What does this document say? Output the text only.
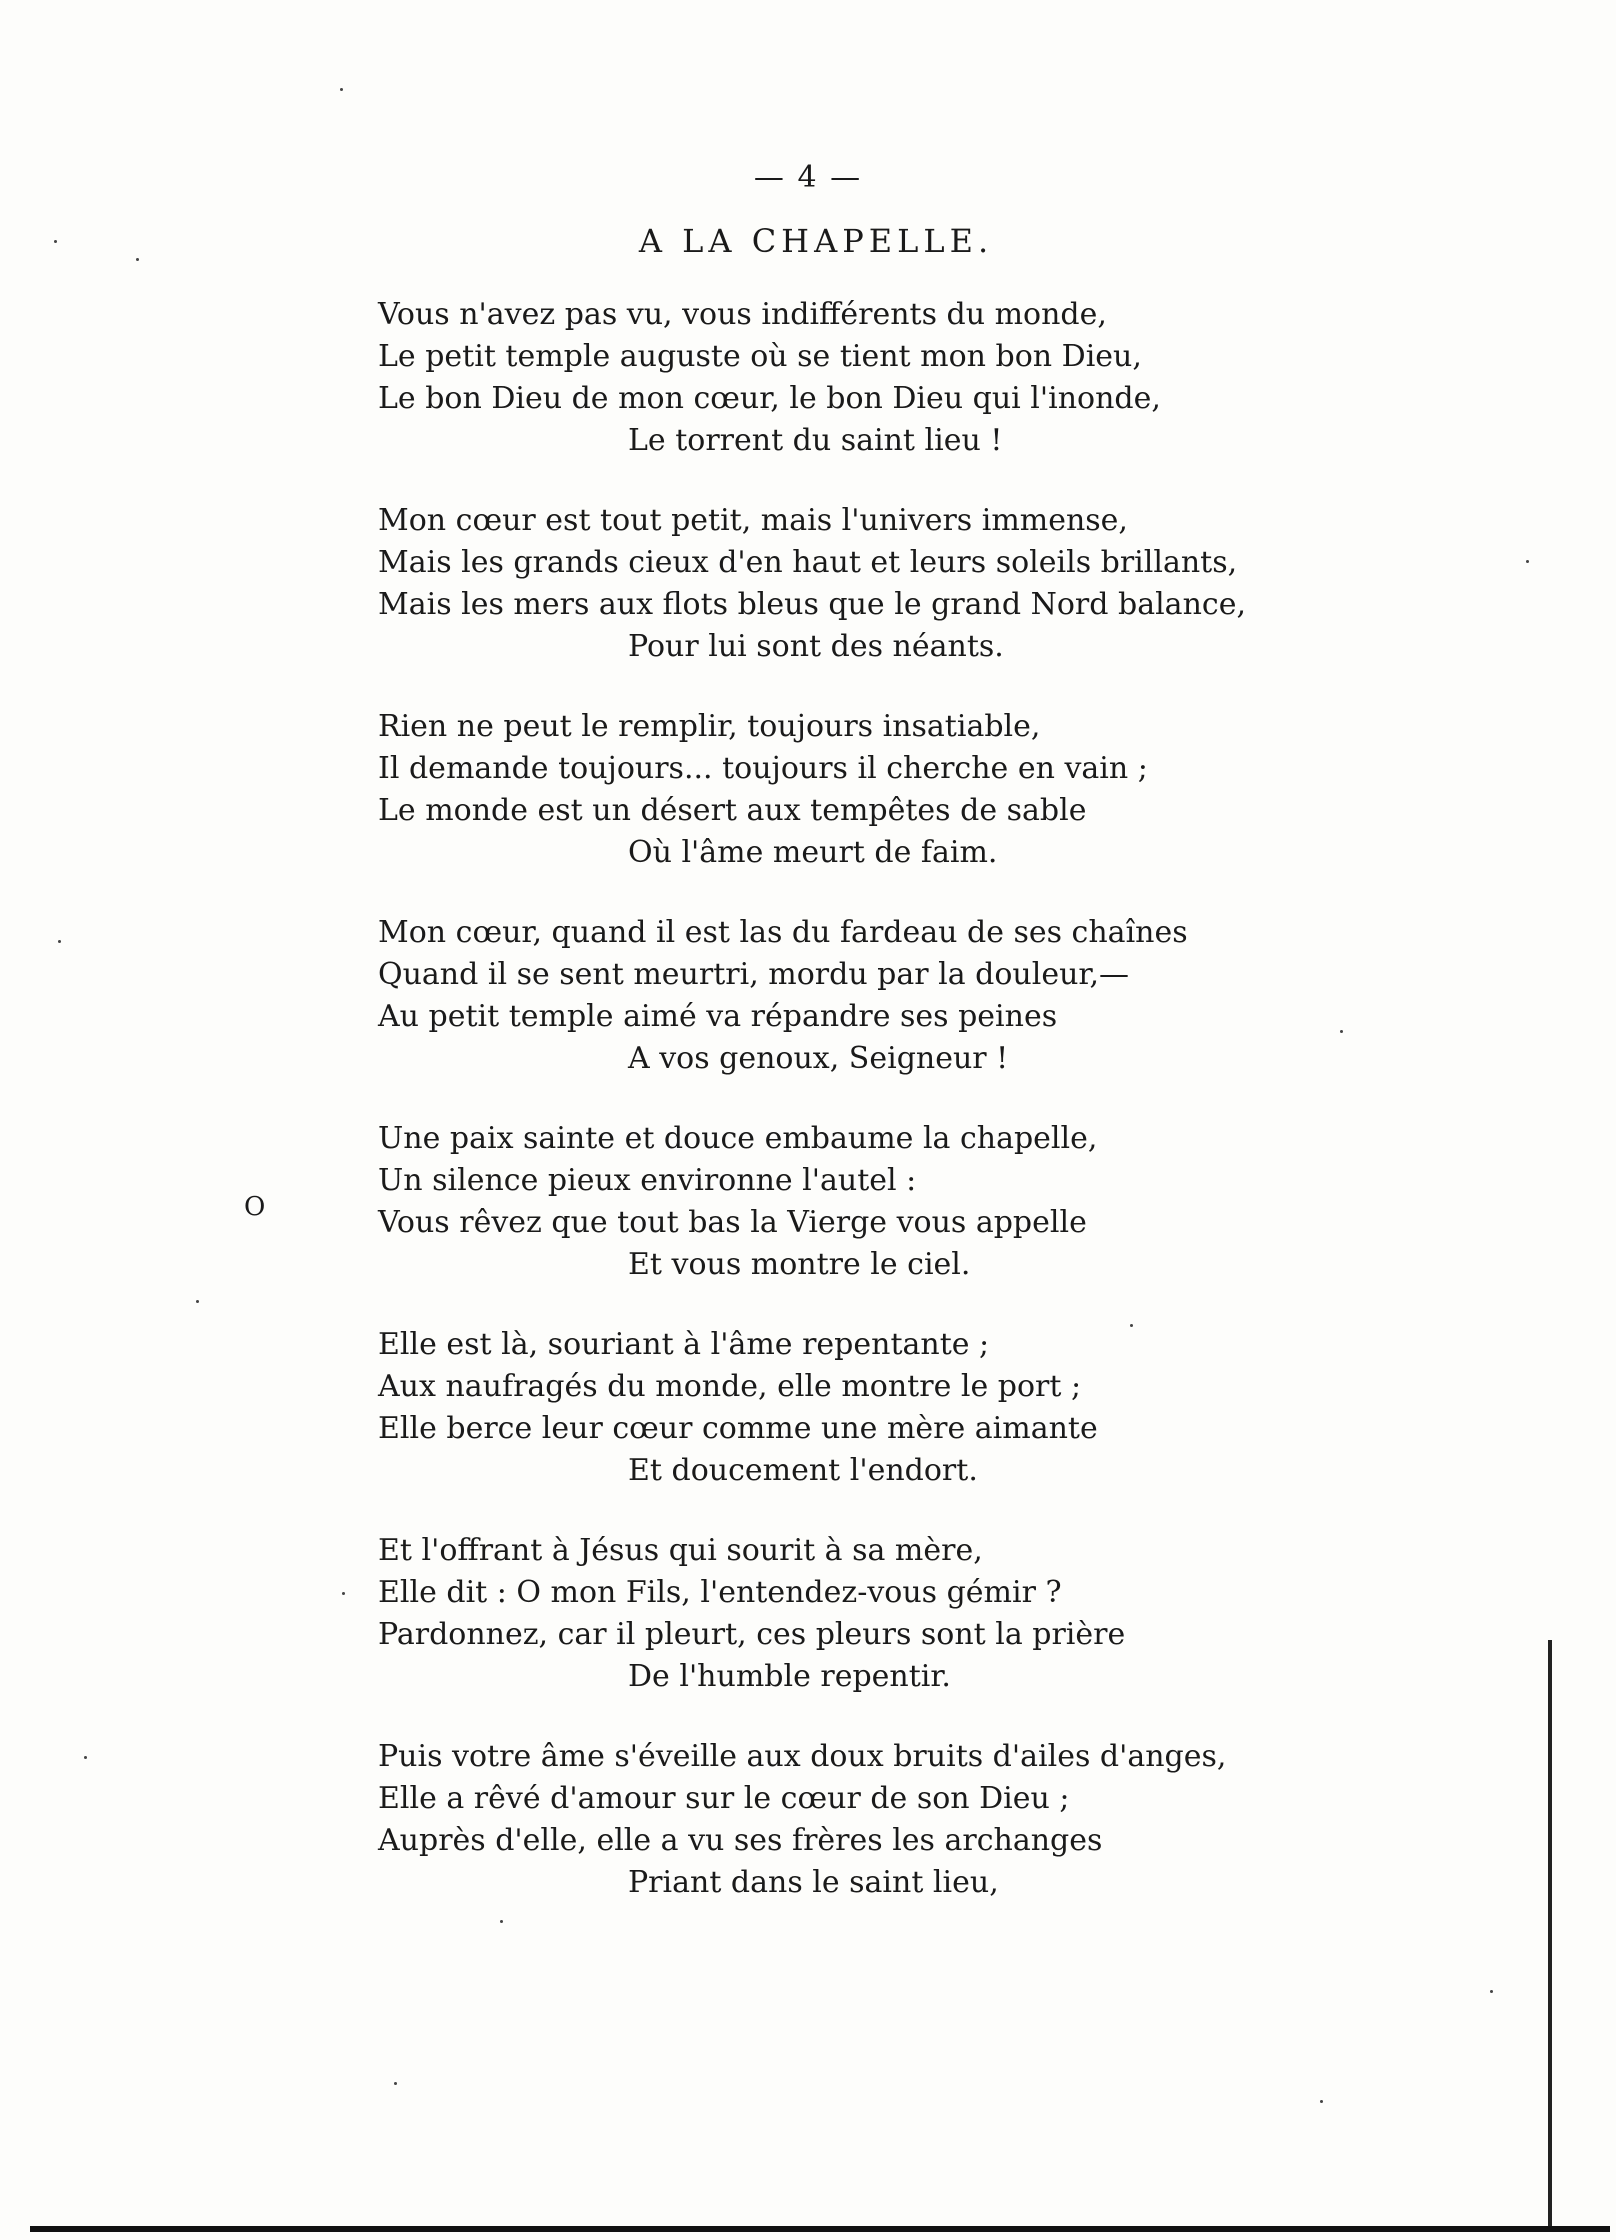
— 4 —
A LA CHAPELLE.
O
Vous n'avez pas vu, vous indifférents du monde,
Le petit temple auguste où se tient mon bon Dieu,
Le bon Dieu de mon cœur, le bon Dieu qui l'inonde,
Le torrent du saint lieu !
Mon cœur est tout petit, mais l'univers immense,
Mais les grands cieux d'en haut et leurs soleils brillants,
Mais les mers aux flots bleus que le grand Nord balance,
Pour lui sont des néants.
Rien ne peut le remplir, toujours insatiable,
Il demande toujours... toujours il cherche en vain ;
Le monde est un désert aux tempêtes de sable
Où l'âme meurt de faim.
Mon cœur, quand il est las du fardeau de ses chaînes
Quand il se sent meurtri, mordu par la douleur,—
Au petit temple aimé va répandre ses peines
A vos genoux, Seigneur !
Une paix sainte et douce embaume la chapelle,
Un silence pieux environne l'autel :
Vous rêvez que tout bas la Vierge vous appelle
Et vous montre le ciel.
Elle est là, souriant à l'âme repentante ;
Aux naufragés du monde, elle montre le port ;
Elle berce leur cœur comme une mère aimante
Et doucement l'endort.
Et l'offrant à Jésus qui sourit à sa mère,
Elle dit : O mon Fils, l'entendez-vous gémir ?
Pardonnez, car il pleurt, ces pleurs sont la prière
De l'humble repentir.
Puis votre âme s'éveille aux doux bruits d'ailes d'anges,
Elle a rêvé d'amour sur le cœur de son Dieu ;
Auprès d'elle, elle a vu ses frères les archanges
Priant dans le saint lieu,
